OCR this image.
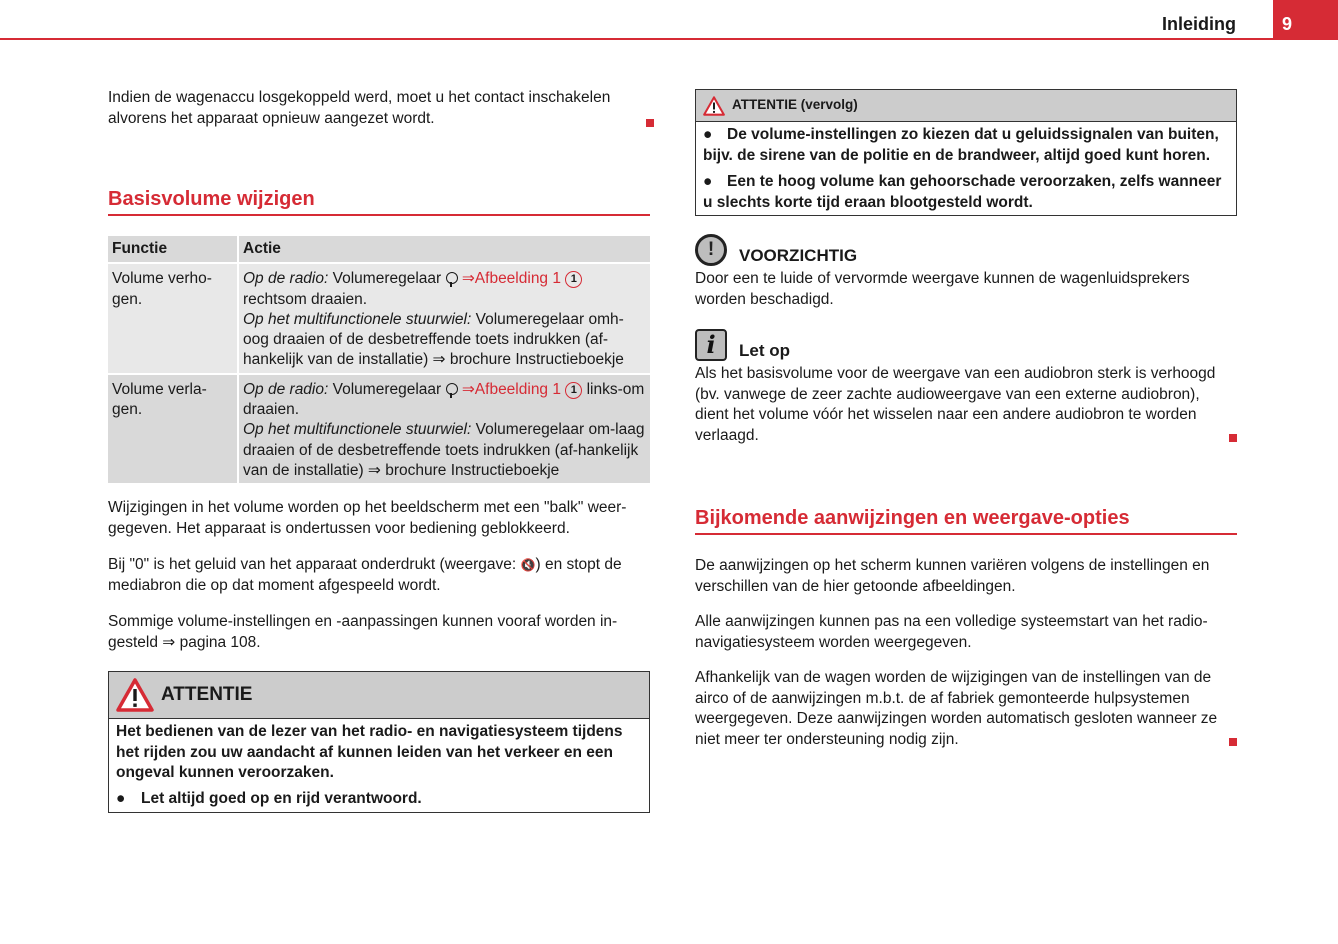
Inleiding	9

Indien de wagenaccu losgekoppeld werd, moet u het contact inschakelen alvorens het apparaat opnieuw aangezet wordt.

Basisvolume wijzigen
Functie	Actie
Volume verho-gen.	Op de radio: Volumeregelaar  ⇒Afbeelding 1 1 rechtsom draaien.
Op het multifunctionele stuurwiel: Volumeregelaar omh-oog draaien of de desbetreffende toets indrukken (af-hankelijk van de installatie) ⇒ brochure Instructieboekje
Volume verla-gen.	Op de radio: Volumeregelaar  ⇒Afbeelding 1 1 links-om draaien.
Op het multifunctionele stuurwiel: Volumeregelaar om-laag draaien of de desbetreffende toets indrukken (af-hankelijk van de installatie) ⇒ brochure Instructieboekje

Wijzigingen in het volume worden op het beeldscherm met een "balk" weer-gegeven. Het apparaat is ondertussen voor bediening geblokkeerd.

Bij "0" is het geluid van het apparaat onderdrukt (weergave: 🔇) en stopt de mediabron die op dat moment afgespeeld wordt.

Sommige volume-instellingen en -aanpassingen kunnen vooraf worden in-gesteld ⇒ pagina 108.

ATTENTIE
Het bedienen van de lezer van het radio- en navigatiesysteem tijdens het rijden zou uw aandacht af kunnen leiden van het verkeer en een ongeval kunnen veroorzaken.
●	Let altijd goed op en rijd verantwoord.
ATTENTIE (vervolg)
● De volume-instellingen zo kiezen dat u geluidssignalen van buiten, bijv. de sirene van de politie en de brandweer, altijd goed kunt horen.
● Een te hoog volume kan gehoorschade veroorzaken, zelfs wanneer u slechts korte tijd eraan blootgesteld wordt.
!	VOORZICHTIG

Door een te luide of vervormde weergave kunnen de wagenluidsprekers worden beschadigd.

i	Let op

Als het basisvolume voor de weergave van een audiobron sterk is verhoogd (bv. vanwege de zeer zachte audioweergave van een externe audiobron), dient het volume vóór het wisselen naar een andere audiobron te worden verlaagd.

Bijkomende aanwijzingen en weergave-opties

De aanwijzingen op het scherm kunnen variëren volgens de instellingen en verschillen van de hier getoonde afbeeldingen.

Alle aanwijzingen kunnen pas na een volledige systeemstart van het radio-navigatiesysteem worden weergegeven.

Afhankelijk van de wagen worden de wijzigingen van de instellingen van de airco of de aanwijzingen m.b.t. de af fabriek gemonteerde hulpsystemen weergegeven. Deze aanwijzingen worden automatisch gesloten wanneer ze niet meer ter ondersteuning nodig zijn.
